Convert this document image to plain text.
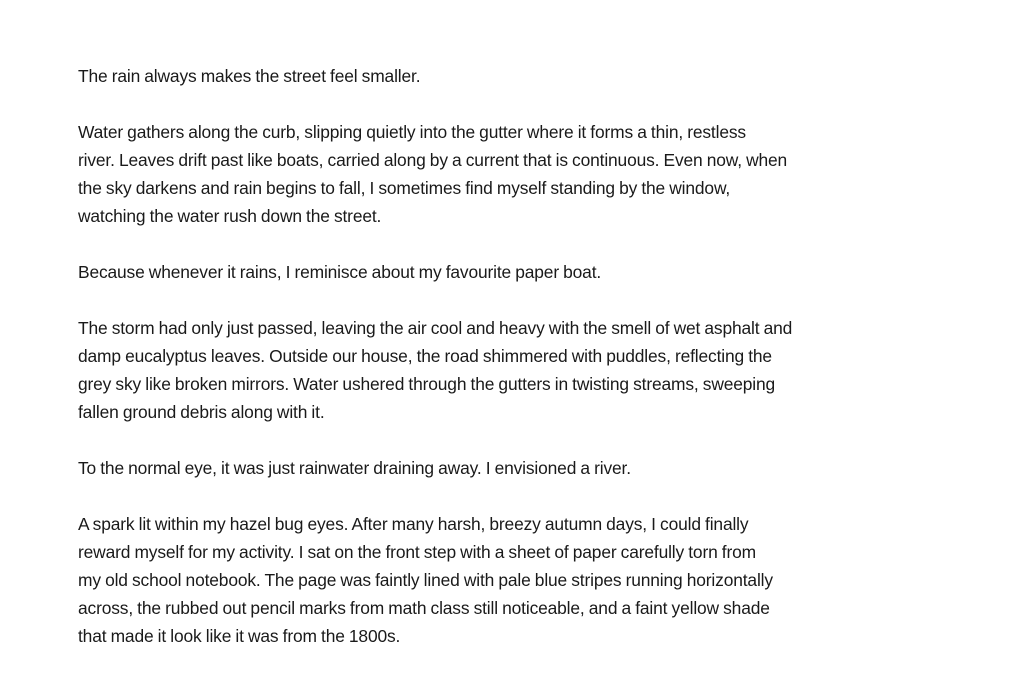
The rain always makes the street feel smaller.

Water gathers along the curb, slipping quietly into the gutter where it forms a thin, restless
river. Leaves drift past like boats, carried along by a current that is continuous. Even now, when
the sky darkens and rain begins to fall, I sometimes find myself standing by the window,
watching the water rush down the street.

Because whenever it rains, I reminisce about my favourite paper boat.

The storm had only just passed, leaving the air cool and heavy with the smell of wet asphalt and
damp eucalyptus leaves. Outside our house, the road shimmered with puddles, reflecting the
grey sky like broken mirrors. Water ushered through the gutters in twisting streams, sweeping
fallen ground debris along with it.

To the normal eye, it was just rainwater draining away. I envisioned a river.

A spark lit within my hazel bug eyes. After many harsh, breezy autumn days, I could finally
reward myself for my activity. I sat on the front step with a sheet of paper carefully torn from
my old school notebook. The page was faintly lined with pale blue stripes running horizontally
across, the rubbed out pencil marks from math class still noticeable, and a faint yellow shade
that made it look like it was from the 1800s.
